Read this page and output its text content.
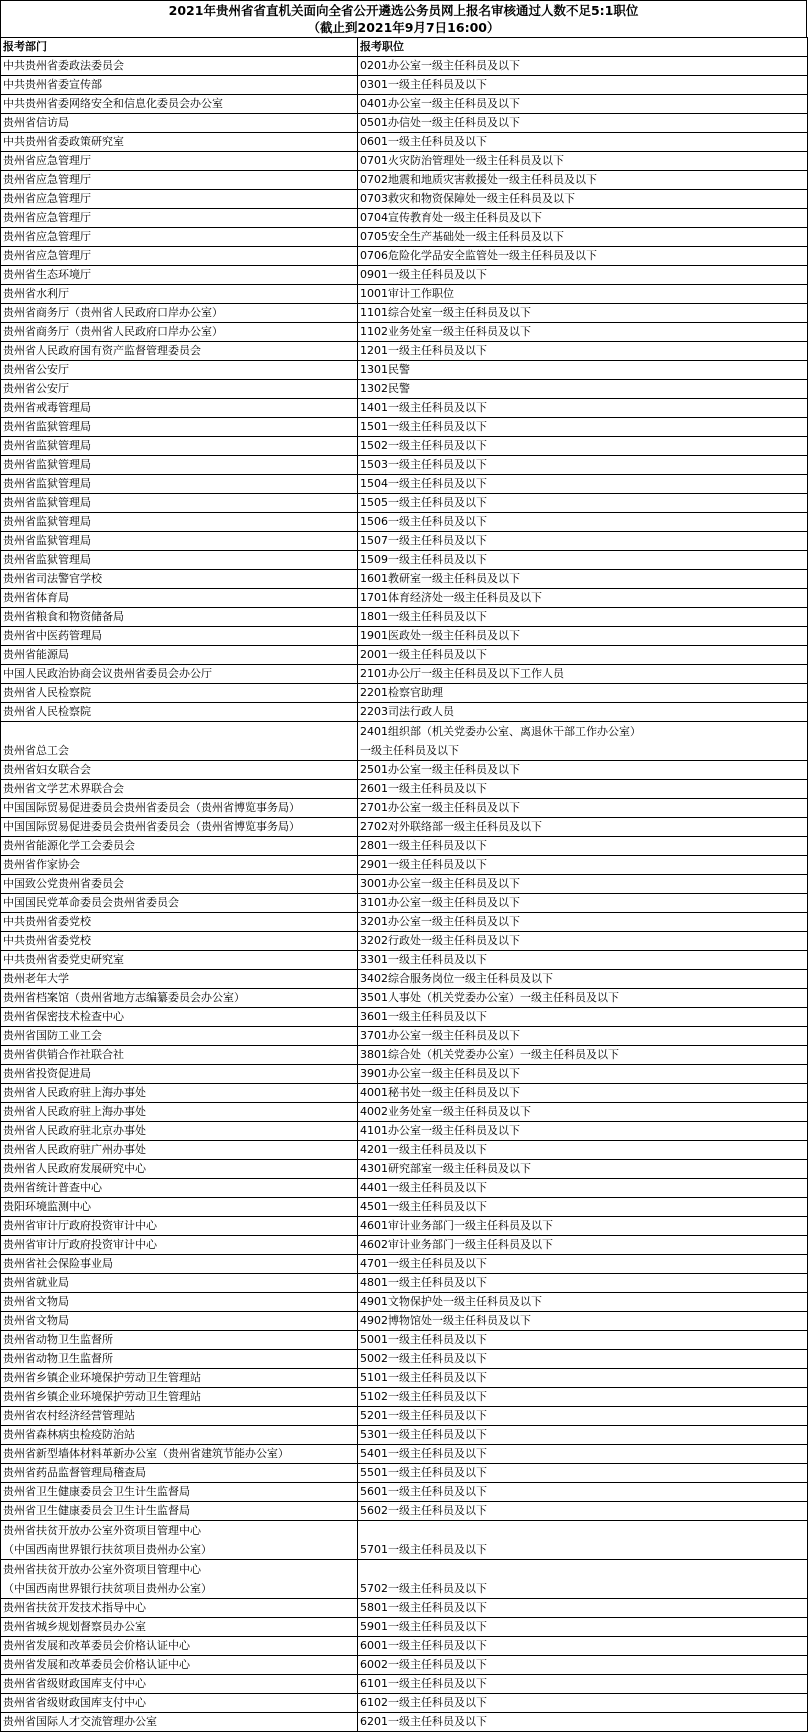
2021年贵州省省直机关面向全省公开遴选公务员网上报名审核通过人数不足5:1职位
（截止到2021年9月7日16:00）
报考部门	报考职位
中共贵州省委政法委员会	0201办公室一级主任科员及以下
中共贵州省委宣传部	0301一级主任科员及以下
中共贵州省委网络安全和信息化委员会办公室	0401办公室一级主任科员及以下
贵州省信访局	0501办信处一级主任科员及以下
中共贵州省委政策研究室	0601一级主任科员及以下
贵州省应急管理厅	0701火灾防治管理处一级主任科员及以下
贵州省应急管理厅	0702地震和地质灾害救援处一级主任科员及以下
贵州省应急管理厅	0703救灾和物资保障处一级主任科员及以下
贵州省应急管理厅	0704宣传教育处一级主任科员及以下
贵州省应急管理厅	0705安全生产基础处一级主任科员及以下
贵州省应急管理厅	0706危险化学品安全监管处一级主任科员及以下
贵州省生态环境厅	0901一级主任科员及以下
贵州省水利厅	1001审计工作职位
贵州省商务厅（贵州省人民政府口岸办公室）	1101综合处室一级主任科员及以下
贵州省商务厅（贵州省人民政府口岸办公室）	1102业务处室一级主任科员及以下
贵州省人民政府国有资产监督管理委员会	1201一级主任科员及以下
贵州省公安厅	1301民警
贵州省公安厅	1302民警
贵州省戒毒管理局	1401一级主任科员及以下
贵州省监狱管理局	1501一级主任科员及以下
贵州省监狱管理局	1502一级主任科员及以下
贵州省监狱管理局	1503一级主任科员及以下
贵州省监狱管理局	1504一级主任科员及以下
贵州省监狱管理局	1505一级主任科员及以下
贵州省监狱管理局	1506一级主任科员及以下
贵州省监狱管理局	1507一级主任科员及以下
贵州省监狱管理局	1509一级主任科员及以下
贵州省司法警官学校	1601教研室一级主任科员及以下
贵州省体育局	1701体育经济处一级主任科员及以下
贵州省粮食和物资储备局	1801一级主任科员及以下
贵州省中医药管理局	1901医政处一级主任科员及以下
贵州省能源局	2001一级主任科员及以下
中国人民政治协商会议贵州省委员会办公厅	2101办公厅一级主任科员及以下工作人员
贵州省人民检察院	2201检察官助理
贵州省人民检察院	2203司法行政人员
贵州省总工会	2401组织部（机关党委办公室、离退休干部工作办公室）
一级主任科员及以下
贵州省妇女联合会	2501办公室一级主任科员及以下
贵州省文学艺术界联合会	2601一级主任科员及以下
中国国际贸易促进委员会贵州省委员会（贵州省博览事务局）	2701办公室一级主任科员及以下
中国国际贸易促进委员会贵州省委员会（贵州省博览事务局）	2702对外联络部一级主任科员及以下
贵州省能源化学工会委员会	2801一级主任科员及以下
贵州省作家协会	2901一级主任科员及以下
中国致公党贵州省委员会	3001办公室一级主任科员及以下
中国国民党革命委员会贵州省委员会	3101办公室一级主任科员及以下
中共贵州省委党校	3201办公室一级主任科员及以下
中共贵州省委党校	3202行政处一级主任科员及以下
中共贵州省委党史研究室	3301一级主任科员及以下
贵州老年大学	3402综合服务岗位一级主任科员及以下
贵州省档案馆（贵州省地方志编纂委员会办公室）	3501人事处（机关党委办公室）一级主任科员及以下
贵州省保密技术检查中心	3601一级主任科员及以下
贵州省国防工业工会	3701办公室一级主任科员及以下
贵州省供销合作社联合社	3801综合处（机关党委办公室）一级主任科员及以下
贵州省投资促进局	3901办公室一级主任科员及以下
贵州省人民政府驻上海办事处	4001秘书处一级主任科员及以下
贵州省人民政府驻上海办事处	4002业务处室一级主任科员及以下
贵州省人民政府驻北京办事处	4101办公室一级主任科员及以下
贵州省人民政府驻广州办事处	4201一级主任科员及以下
贵州省人民政府发展研究中心	4301研究部室一级主任科员及以下
贵州省统计普查中心	4401一级主任科员及以下
贵阳环境监测中心	4501一级主任科员及以下
贵州省审计厅政府投资审计中心	4601审计业务部门一级主任科员及以下
贵州省审计厅政府投资审计中心	4602审计业务部门一级主任科员及以下
贵州省社会保险事业局	4701一级主任科员及以下
贵州省就业局	4801一级主任科员及以下
贵州省文物局	4901文物保护处一级主任科员及以下
贵州省文物局	4902博物馆处一级主任科员及以下
贵州省动物卫生监督所	5001一级主任科员及以下
贵州省动物卫生监督所	5002一级主任科员及以下
贵州省乡镇企业环境保护劳动卫生管理站	5101一级主任科员及以下
贵州省乡镇企业环境保护劳动卫生管理站	5102一级主任科员及以下
贵州省农村经济经营管理站	5201一级主任科员及以下
贵州省森林病虫检疫防治站	5301一级主任科员及以下
贵州省新型墙体材料革新办公室（贵州省建筑节能办公室）	5401一级主任科员及以下
贵州省药品监督管理局稽查局	5501一级主任科员及以下
贵州省卫生健康委员会卫生计生监督局	5601一级主任科员及以下
贵州省卫生健康委员会卫生计生监督局	5602一级主任科员及以下
贵州省扶贫开放办公室外资项目管理中心
（中国西南世界银行扶贫项目贵州办公室）	5701一级主任科员及以下
贵州省扶贫开放办公室外资项目管理中心
（中国西南世界银行扶贫项目贵州办公室）	5702一级主任科员及以下
贵州省扶贫开发技术指导中心	5801一级主任科员及以下
贵州省城乡规划督察员办公室	5901一级主任科员及以下
贵州省发展和改革委员会价格认证中心	6001一级主任科员及以下
贵州省发展和改革委员会价格认证中心	6002一级主任科员及以下
贵州省省级财政国库支付中心	6101一级主任科员及以下
贵州省省级财政国库支付中心	6102一级主任科员及以下
贵州省国际人才交流管理办公室	6201一级主任科员及以下
